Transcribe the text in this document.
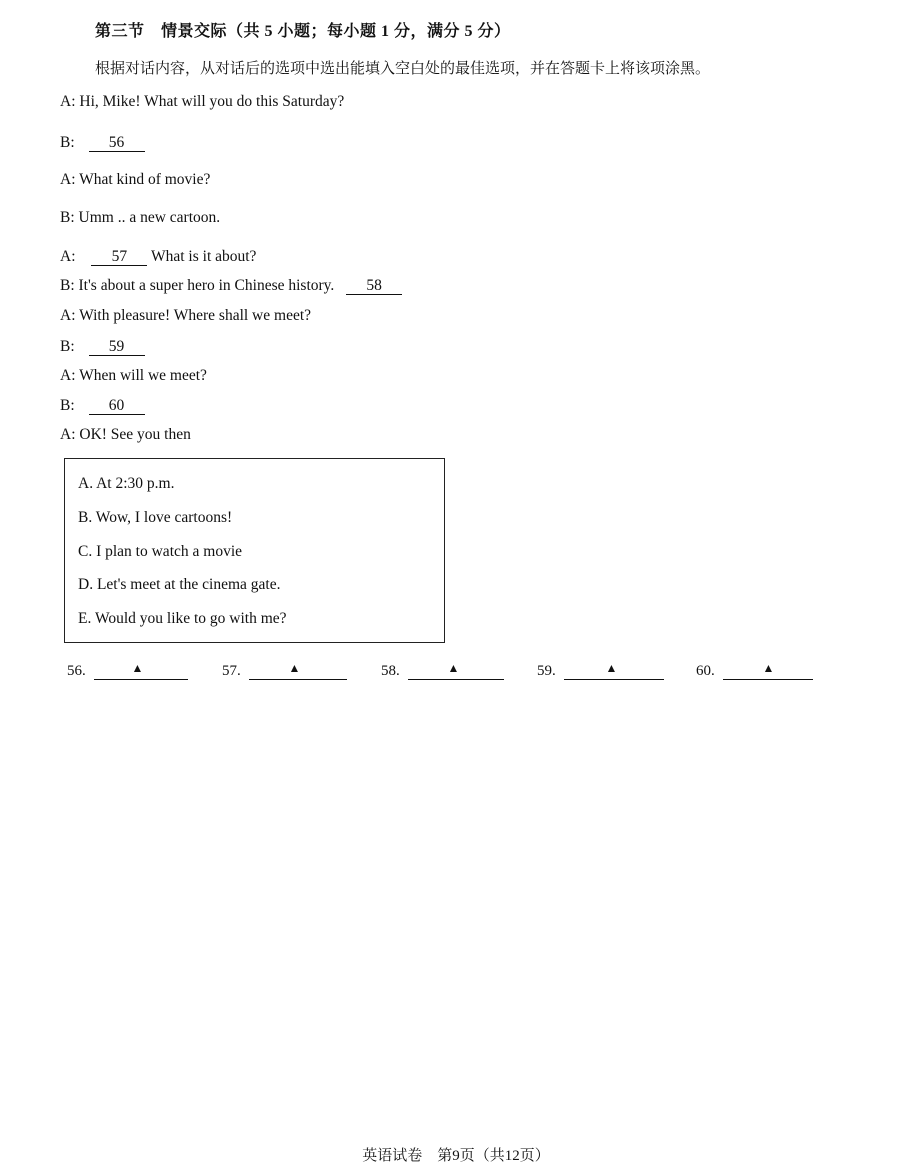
第三节　情景交际（共 5 小题；每小题 1 分，满分 5 分）
根据对话内容，从对话后的选项中选出能填入空白处的最佳选项，并在答题卡上将该项涂黑。
A: Hi, Mike! What will you do this Saturday?
B: 56
A: What kind of movie?
B: Umm .. a new cartoon.
A: 57 What is it about?
B: It's about a super hero in Chinese history. 58
A: With pleasure! Where shall we meet?
B: 59
A: When will we meet?
B: 60
A: OK! See you then
A. At 2:30 p.m.
B. Wow, I love cartoons!
C. I plan to watch a movie
D. Let's meet at the cinema gate.
E. Would you like to go with me?
56.	▲	57.	▲	58.	▲	59.	▲	60.	▲
英语试卷　第9页（共12页）
